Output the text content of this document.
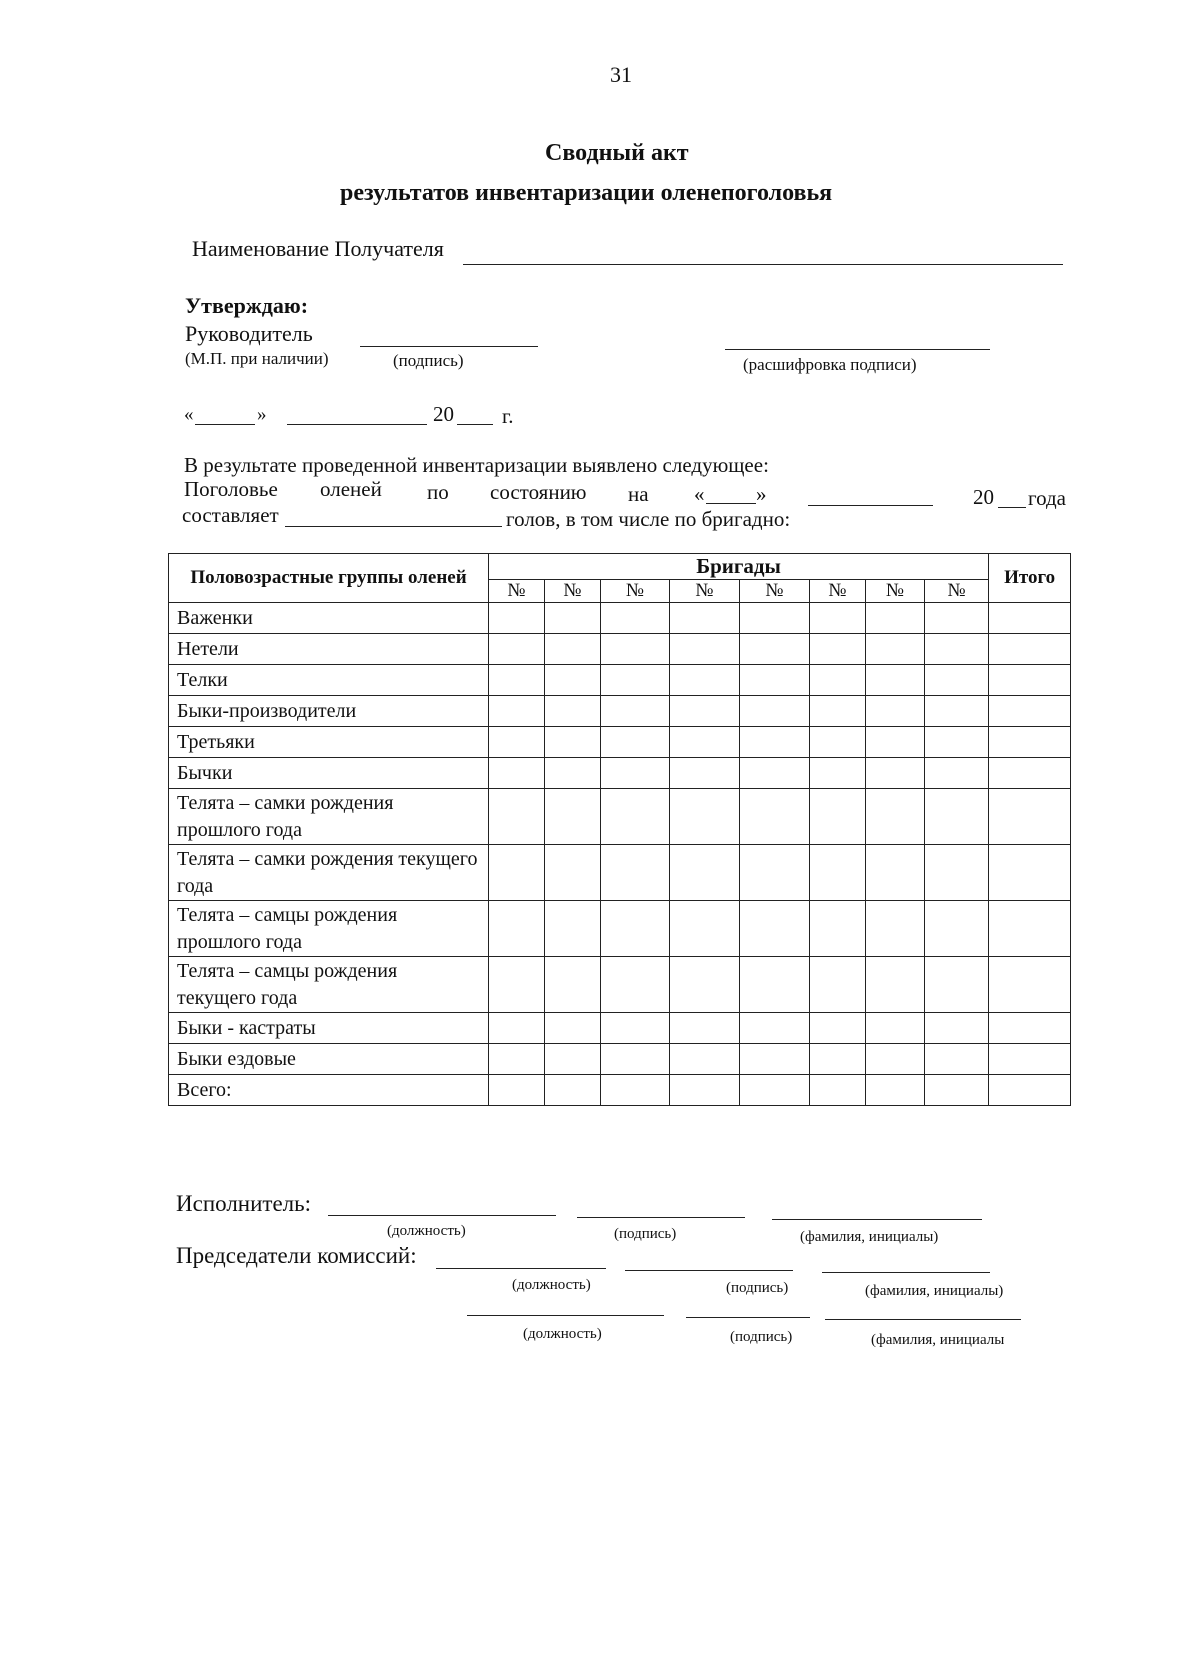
31
Сводный акт
результатов инвентаризации оленепоголовья
Наименование Получателя
Утверждаю:
Руководитель
(М.П. при наличии)	(подпись)	(расшифровка подписи)
«	»	20 г.
В результате проведенной инвентаризации выявлено следующее:
Поголовье оленей по состоянию на « »	20 года
составляет	голов, в том числе по бригадно:
Половозрастные группы оленей	Бригады								Итого
	№	№	№	№	№	№	№	№	
Важенки									
Нетели									
Телки									
Быки-производители									
Третьяки									
Бычки									
Телята – самки рождения прошлого года									
Телята – самки рождения текущего года									
Телята – самцы рождения прошлого года									
Телята – самцы рождения текущего года									
Быки - кастраты									
Быки ездовые									
Всего:									
Исполнитель:
(должность)	(подпись)	(фамилия, инициалы)
Председатели комиссий:
(должность)	(подпись)	(фамилия, инициалы)
(должность)	(подпись)	(фамилия, инициалы
